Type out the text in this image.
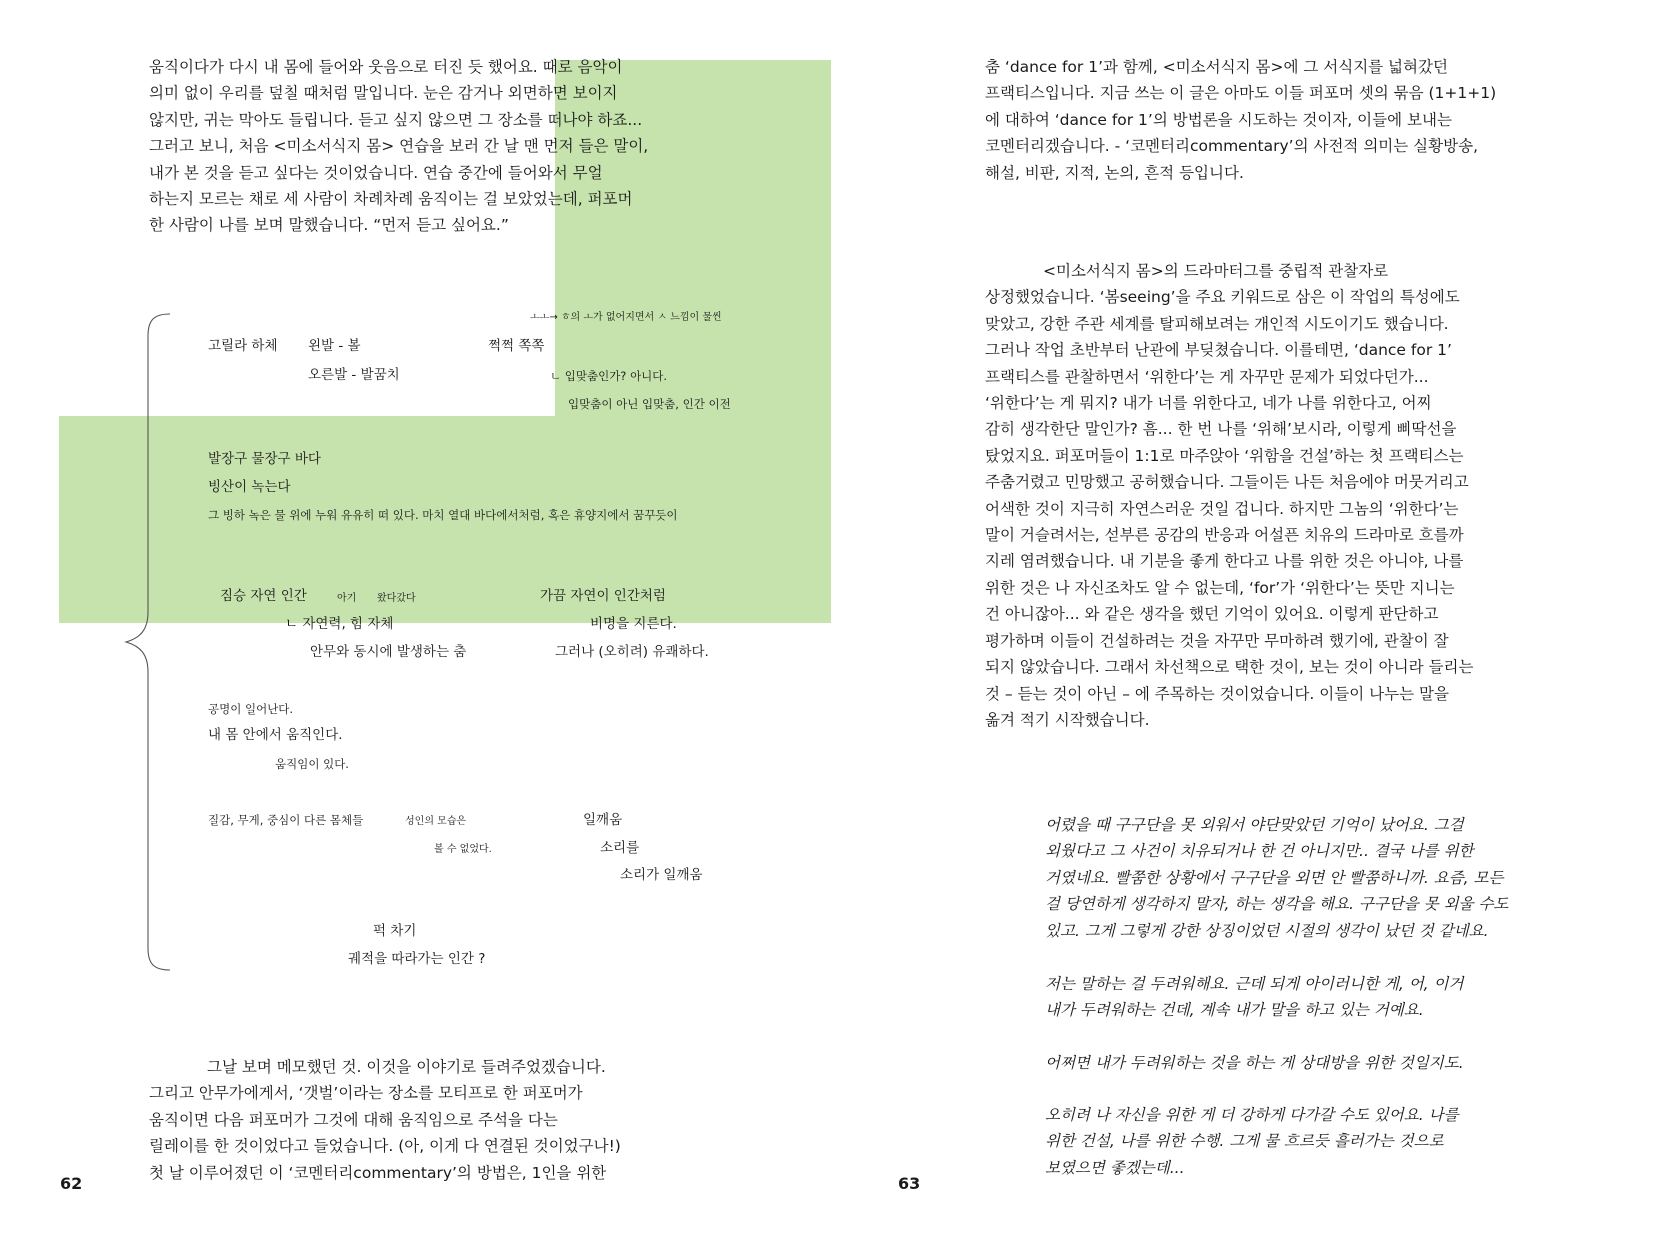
움직이다가 다시 내 몸에 들어와 웃음으로 터진 듯 했어요. 때로 음악이
의미 없이 우리를 덮칠 때처럼 말입니다. 눈은 감거나 외면하면 보이지
않지만, 귀는 막아도 들립니다. 듣고 싶지 않으면 그 장소를 떠나야 하죠...
그러고 보니, 처음 <미소서식지 몸> 연습을 보러 간 날 맨 먼저 들은 말이,
내가 본 것을 듣고 싶다는 것이었습니다. 연습 중간에 들어와서 무얼
하는지 모르는 채로 세 사람이 차례차례 움직이는 걸 보았었는데, 퍼포머
한 사람이 나를 보며 말했습니다. “먼저 듣고 싶어요.”
ㅗㅗ→ ㅎ의 ㅗ가 없어지면서 ㅅ 느낌이 물씬
고릴라 하체 왼발 - 볼	쩍쩍 쪽쪽
오른발 - 발꿈치	ㄴ 입맞춤인가? 아니다.
입맞춤이 아닌 입맞춤, 인간 이전
발장구 물장구 바다
빙산이 녹는다
그 빙하 녹은 물 위에 누워 유유히 떠 있다. 마치 열대 바다에서처럼, 혹은 휴양지에서 꿈꾸듯이
짐승 자연 인간	아기 왔다갔다	가끔 자연이 인간처럼
ㄴ 자연력, 힘 자체	비명을 지른다.
안무와 동시에 발생하는 춤	그러나 (오히려) 유쾌하다.
공명이 일어난다.
내 몸 안에서 움직인다.
움직임이 있다.
질감, 무게, 중심이 다른 몸체들	성인의 모습은	일깨움
볼 수 없었다.	소리를
소리가 일깨움
퍽 차기
궤적을 따라가는 인간 ?
그날 보며 메모했던 것. 이것을 이야기로 들려주었겠습니다.
그리고 안무가에게서, ‘갯벌’이라는 장소를 모티프로 한 퍼포머가
움직이면 다음 퍼포머가 그것에 대해 움직임으로 주석을 다는
릴레이를 한 것이었다고 들었습니다. (아, 이게 다 연결된 것이었구나!)
첫 날 이루어졌던 이 ‘코멘터리commentary’의 방법은, 1인을 위한
62
춤 ‘dance for 1’과 함께, <미소서식지 몸>에 그 서식지를 넓혀갔던
프랙티스입니다. 지금 쓰는 이 글은 아마도 이들 퍼포머 셋의 묶음 (1+1+1)
에 대하여 ‘dance for 1’의 방법론을 시도하는 것이자, 이들에 보내는
코멘터리겠습니다. - ‘코멘터리commentary’의 사전적 의미는 실황방송,
해설, 비판, 지적, 논의, 흔적 등입니다.
<미소서식지 몸>의 드라마터그를 중립적 관찰자로
상정했었습니다. ‘봄seeing’을 주요 키워드로 삼은 이 작업의 특성에도
맞았고, 강한 주관 세계를 탈피해보려는 개인적 시도이기도 했습니다.
그러나 작업 초반부터 난관에 부딪쳤습니다. 이를테면, ‘dance for 1’
프랙티스를 관찰하면서 ‘위한다’는 게 자꾸만 문제가 되었다던가...
‘위한다’는 게 뭐지? 내가 너를 위한다고, 네가 나를 위한다고, 어찌
감히 생각한단 말인가? 흠... 한 번 나를 ‘위해’보시라, 이렇게 삐딱선을
탔었지요. 퍼포머들이 1:1로 마주앉아 ‘위함을 건설’하는 첫 프랙티스는
주춤거렸고 민망했고 공허했습니다. 그들이든 나든 처음에야 머뭇거리고
어색한 것이 지극히 자연스러운 것일 겁니다. 하지만 그놈의 ‘위한다’는
말이 거슬려서는, 섣부른 공감의 반응과 어설픈 치유의 드라마로 흐를까
지레 염려했습니다. 내 기분을 좋게 한다고 나를 위한 것은 아니야, 나를
위한 것은 나 자신조차도 알 수 없는데, ‘for’가 ‘위한다’는 뜻만 지니는
건 아니잖아... 와 같은 생각을 했던 기억이 있어요. 이렇게 판단하고
평가하며 이들이 건설하려는 것을 자꾸만 무마하려 했기에, 관찰이 잘
되지 않았습니다. 그래서 차선책으로 택한 것이, 보는 것이 아니라 들리는
것 – 듣는 것이 아닌 – 에 주목하는 것이었습니다. 이들이 나누는 말을
옮겨 적기 시작했습니다.
어렸을 때 구구단을 못 외워서 야단맞았던 기억이 났어요. 그걸
외웠다고 그 사건이 치유되거나 한 건 아니지만.. 결국 나를 위한
거였네요. 빨쭘한 상황에서 구구단을 외면 안 빨쭘하니까. 요즘, 모든
걸 당연하게 생각하지 말자, 하는 생각을 해요. 구구단을 못 외울 수도
있고. 그게 그렇게 강한 상징이었던 시절의 생각이 났던 것 같네요.
저는 말하는 걸 두려워해요. 근데 되게 아이러니한 게, 어, 이거
내가 두려워하는 건데, 계속 내가 말을 하고 있는 거예요.
어쩌면 내가 두려워하는 것을 하는 게 상대방을 위한 것일지도.
오히려 나 자신을 위한 게 더 강하게 다가갈 수도 있어요. 나를
위한 건설, 나를 위한 수행. 그게 물 흐르듯 흘러가는 것으로
보였으면 좋겠는데...
63
